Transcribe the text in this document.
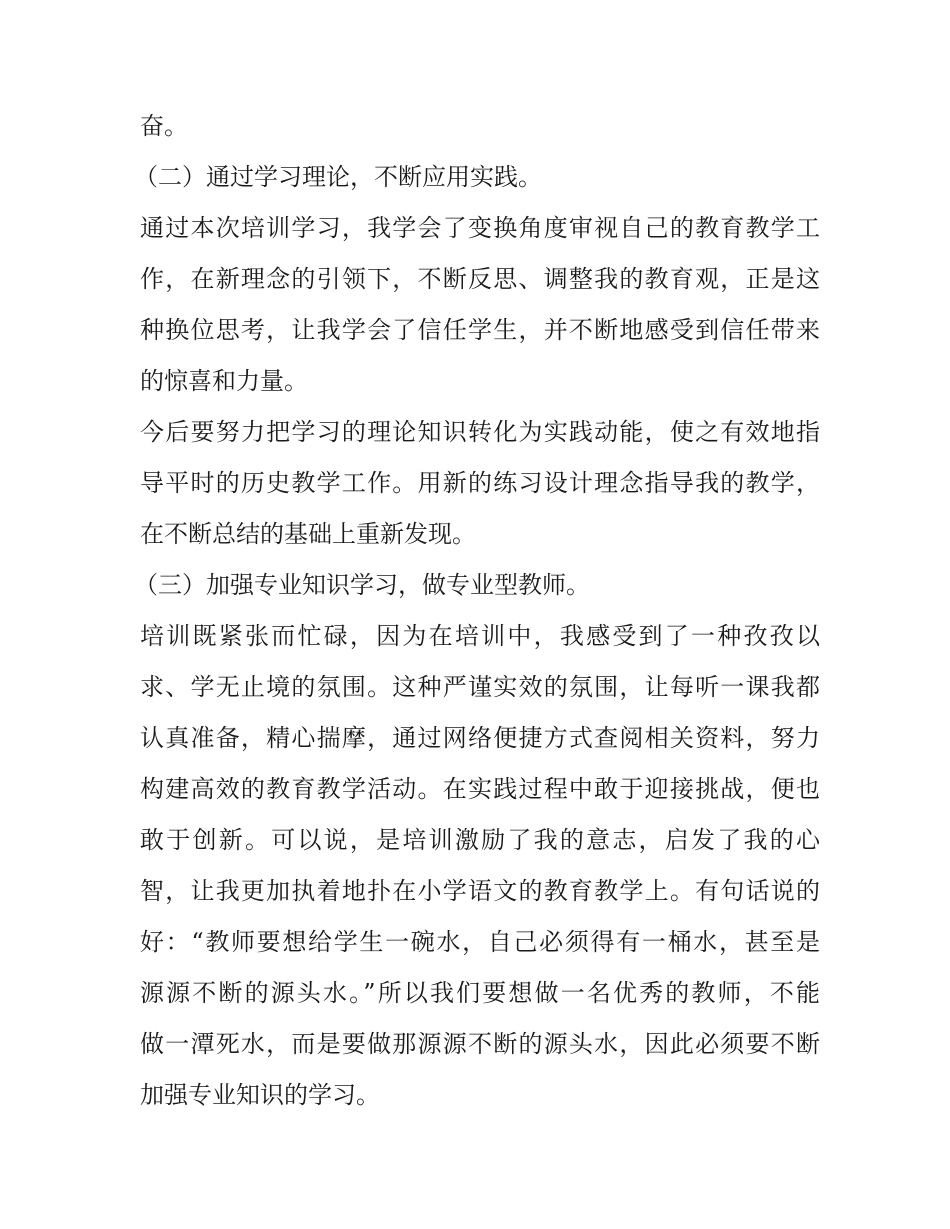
奋。
（二）通过学习理论，不断应用实践。
通过本次培训学习，我学会了变换角度审视自己的教育教学工
作，在新理念的引领下，不断反思、调整我的教育观，正是这
种换位思考，让我学会了信任学生，并不断地感受到信任带来
的惊喜和力量。
今后要努力把学习的理论知识转化为实践动能，使之有效地指
导平时的历史教学工作。用新的练习设计理念指导我的教学，
在不断总结的基础上重新发现。
（三）加强专业知识学习，做专业型教师。
培训既紧张而忙碌，因为在培训中，我感受到了一种孜孜以
求、学无止境的氛围。这种严谨实效的氛围，让每听一课我都
认真准备，精心揣摩，通过网络便捷方式查阅相关资料，努力
构建高效的教育教学活动。在实践过程中敢于迎接挑战，便也
敢于创新。可以说，是培训激励了我的意志，启发了我的心
智，让我更加执着地扑在小学语文的教育教学上。有句话说的
好：“教师要想给学生一碗水，自己必须得有一桶水，甚至是
源源不断的源头水。”所以我们要想做一名优秀的教师，不能
做一潭死水，而是要做那源源不断的源头水，因此必须要不断
加强专业知识的学习。
